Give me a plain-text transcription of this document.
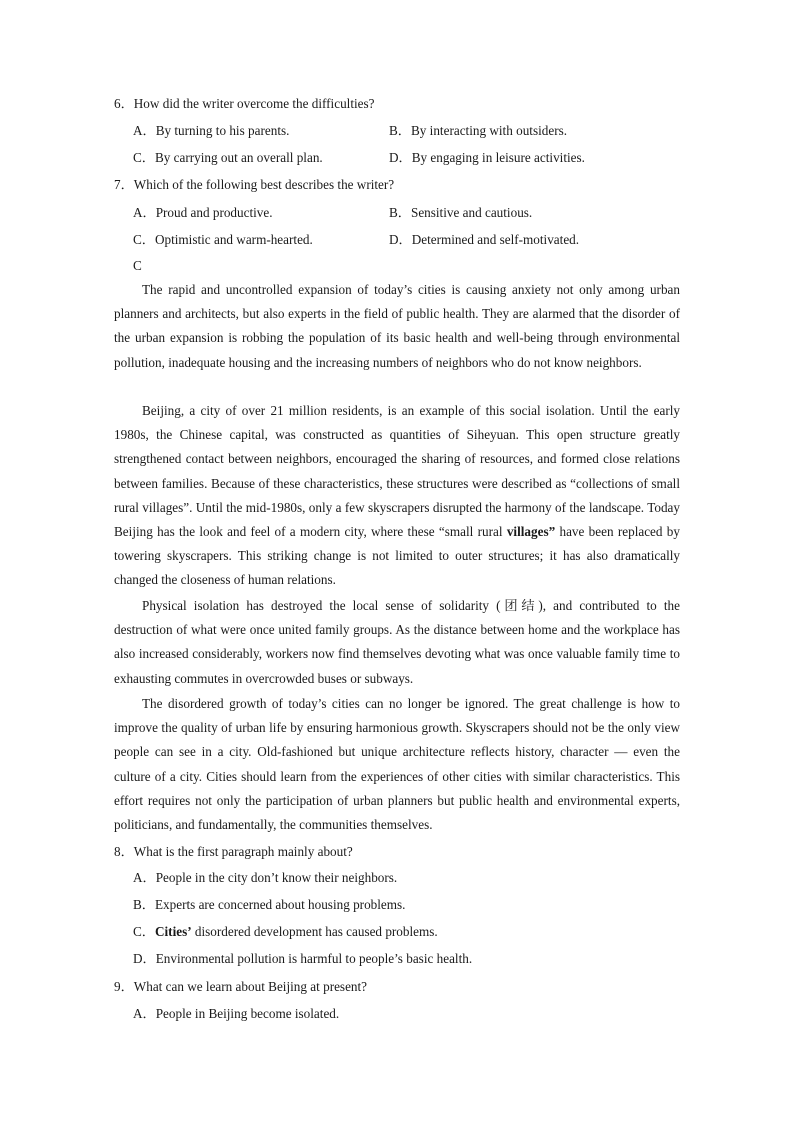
6．How did the writer overcome the difficulties?
A．By turning to his parents.	B．By interacting with outsiders.
C．By carrying out an overall plan.	D．By engaging in leisure activities.
7．Which of the following best describes the writer?
A．Proud and productive.	B．Sensitive and cautious.
C．Optimistic and warm-hearted.	D．Determined and self-motivated.
C

The rapid and uncontrolled expansion of today’s cities is causing anxiety not only among urban planners and architects, but also experts in the field of public health. They are alarmed that the disorder of the urban expansion is robbing the population of its basic health and well-being through environmental pollution, inadequate housing and the increasing numbers of neighbors who do not know neighbors.

Beijing, a city of over 21 million residents, is an example of this social isolation. Until the early 1980s, the Chinese capital, was constructed as quantities of Siheyuan. This open structure greatly strengthened contact between neighbors, encouraged the sharing of resources, and formed close relations between families. Because of these characteristics, these structures were described as “collections of small rural villages”. Until the mid-1980s, only a few skyscrapers disrupted the harmony of the landscape. Today Beijing has the look and feel of a modern city, where these “small rural villages” have been replaced by towering skyscrapers. This striking change is not limited to outer structures; it has also dramatically changed the closeness of human relations.

Physical isolation has destroyed the local sense of solidarity (团结), and contributed to the destruction of what were once united family groups. As the distance between home and the workplace has also increased considerably, workers now find themselves devoting what was once valuable family time to exhausting commutes in overcrowded buses or subways.

The disordered growth of today’s cities can no longer be ignored. The great challenge is how to improve the quality of urban life by ensuring harmonious growth. Skyscrapers should not be the only view people can see in a city. Old-fashioned but unique architecture reflects history, character — even the culture of a city. Cities should learn from the experiences of other cities with similar characteristics. This effort requires not only the participation of urban planners but public health and environmental experts, politicians, and fundamentally, the communities themselves.

8．What is the first paragraph mainly about?
A．People in the city don’t know their neighbors.
B．Experts are concerned about housing problems.
C．Cities’ disordered development has caused problems.
D．Environmental pollution is harmful to people’s basic health.
9．What can we learn about Beijing at present?
A．People in Beijing become isolated.
